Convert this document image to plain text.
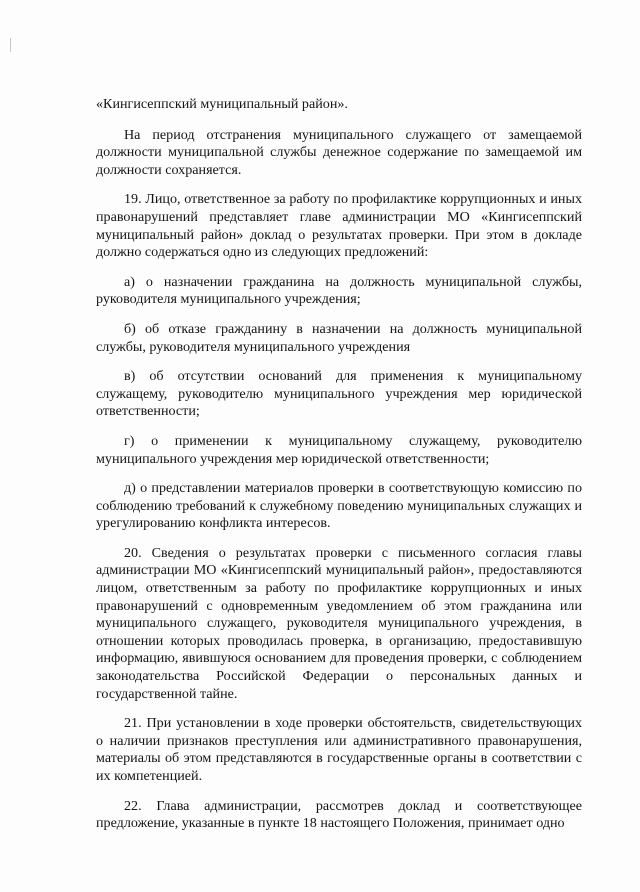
«Кингисеппский муниципальный район».

На период отстранения муниципального служащего от замещаемой должности муниципальной службы денежное содержание по замещаемой им должности сохраняется.

19. Лицо, ответственное за работу по профилактике коррупционных и иных правонарушений представляет главе администрации МО «Кингисеппский муниципальный район» доклад о результатах проверки. При этом в докладе должно содержаться одно из следующих предложений:

а) о назначении гражданина на должность муниципальной службы, руководителя муниципального учреждения;

б) об отказе гражданину в назначении на должность муниципальной службы, руководителя муниципального учреждения

в) об отсутствии оснований для применения к муниципальному служащему, руководителю муниципального учреждения мер юридической ответственности;

г) о применении к муниципальному служащему, руководителю муниципального учреждения мер юридической ответственности;

д) о представлении материалов проверки в соответствующую комиссию по соблюдению требований к служебному поведению муниципальных служащих и урегулированию конфликта интересов.

20. Сведения о результатах проверки с письменного согласия главы администрации МО «Кингисеппский муниципальный район», предоставляются лицом, ответственным за работу по профилактике коррупционных и иных правонарушений с одновременным уведомлением об этом гражданина или муниципального служащего, руководителя муниципального учреждения, в отношении которых проводилась проверка, в организацию, предоставившую информацию, явившуюся основанием для проведения проверки, с соблюдением законодательства Российской Федерации о персональных данных и государственной тайне.

21. При установлении в ходе проверки обстоятельств, свидетельствующих о наличии признаков преступления или административного правонарушения, материалы об этом представляются в государственные органы в соответствии с их компетенцией.

22. Глава администрации, рассмотрев доклад и соответствующее предложение, указанные в пункте 18 настоящего Положения, принимает одно
